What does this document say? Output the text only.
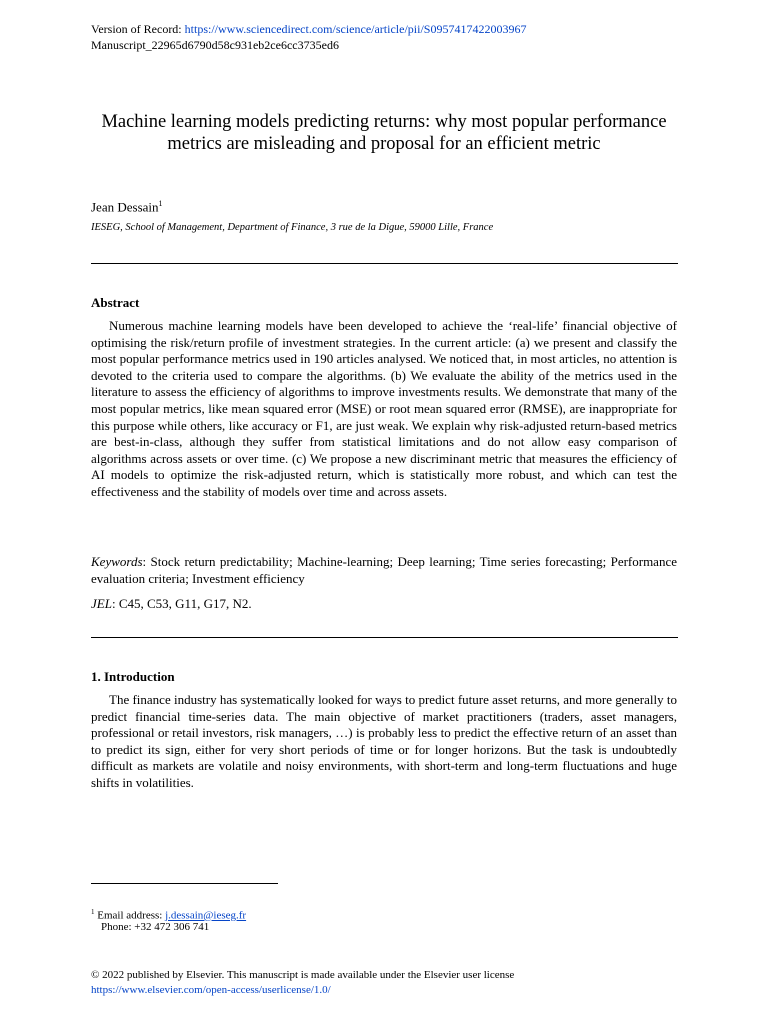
Version of Record: https://www.sciencedirect.com/science/article/pii/S0957417422003967
Manuscript_22965d6790d58c931eb2ce6cc3735ed6
Machine learning models predicting returns: why most popular performance metrics are misleading and proposal for an efficient metric
Jean Dessain$^1$
IESEG, School of Management, Department of Finance, 3 rue de la Digue, 59000 Lille, France
Abstract

Numerous machine learning models have been developed to achieve the ‘real-life’ financial objective of optimising the risk/return profile of investment strategies. In the current article: (a) we present and classify the most popular performance metrics used in 190 articles analysed. We noticed that, in most articles, no attention is devoted to the criteria used to compare the algorithms. (b) We evaluate the ability of the metrics used in the literature to assess the efficiency of algorithms to improve investments results. We demonstrate that many of the most popular metrics, like mean squared error (MSE) or root mean squared error (RMSE), are inappropriate for this purpose while others, like accuracy or F1, are just weak. We explain why risk-adjusted return-based metrics are best-in-class, although they suffer from statistical limitations and do not allow easy comparison of algorithms across assets or over time. (c) We propose a new discriminant metric that measures the efficiency of AI models to optimize the risk-adjusted return, which is statistically more robust, and which can test the effectiveness and the stability of models over time and across assets.

Keywords: Stock return predictability; Machine-learning; Deep learning; Time series forecasting; Performance evaluation criteria; Investment efficiency
JEL: C45, C53, G11, G17, N2.
1. Introduction

The finance industry has systematically looked for ways to predict future asset returns, and more generally to predict financial time-series data. The main objective of market practitioners (traders, asset managers, professional or retail investors, risk managers, …) is probably less to predict the effective return of an asset than to predict its sign, either for very short periods of time or for longer horizons. But the task is undoubtedly difficult as markets are volatile and noisy environments, with short-term and long-term fluctuations and huge shifts in volatilities.

$^1$ Email address: j.dessain@ieseg.fr
Phone: +32 472 306 741
© 2022 published by Elsevier. This manuscript is made available under the Elsevier user license
https://www.elsevier.com/open-access/userlicense/1.0/
